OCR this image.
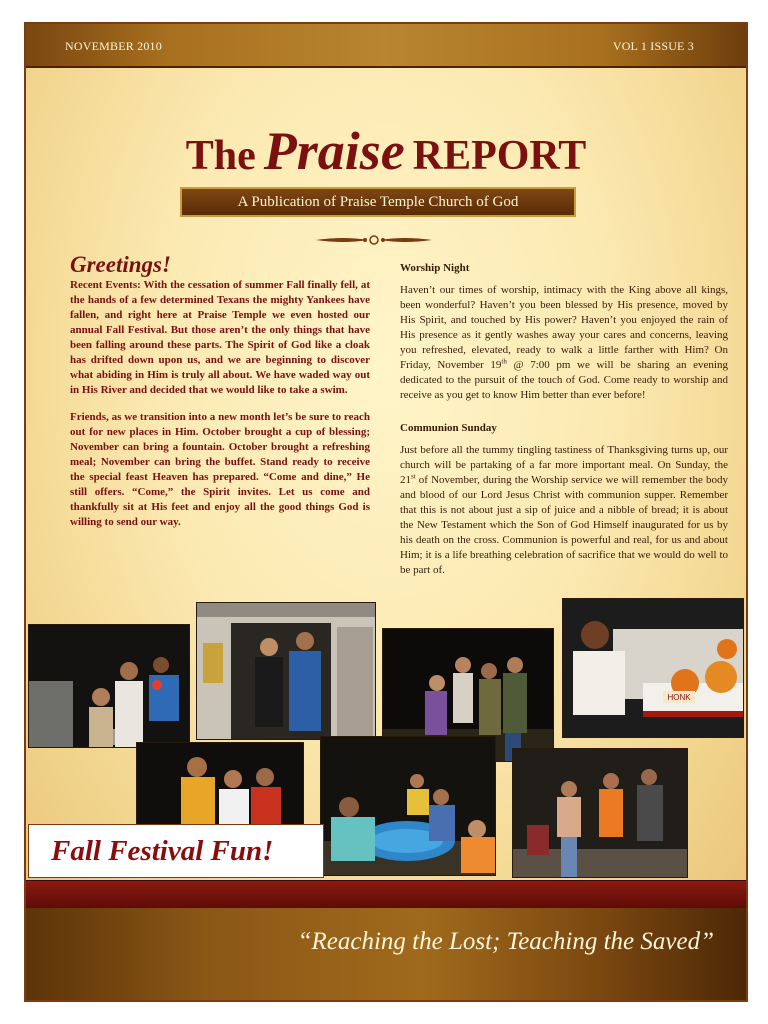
NOVEMBER 2010	VOL 1 ISSUE 3
The Praise REPORT
A Publication of Praise Temple Church of God
Greetings!

Recent Events: With the cessation of summer Fall finally fell, at the hands of a few determined Texans the mighty Yankees have fallen, and right here at Praise Temple we even hosted our annual Fall Festival. But those aren’t the only things that have been falling around these parts. The Spirit of God like a cloak has drifted down upon us, and we are beginning to discover what abiding in Him is truly all about. We have waded way out in His River and decided that we would like to take a swim.

Friends, as we transition into a new month let’s be sure to reach out for new places in Him. October brought a cup of blessing; November can bring a fountain. October brought a refreshing meal; November can bring the buffet. Stand ready to receive the special feast Heaven has prepared. “Come and dine,” He still offers. “Come,” the Spirit invites. Let us come and thankfully sit at His feet and enjoy all the good things God is willing to send our way.

Worship Night

Haven’t our times of worship, intimacy with the King above all kings, been wonderful? Haven’t you been blessed by His presence, moved by His Spirit, and touched by His power? Haven’t you enjoyed the rain of His presence as it gently washes away your cares and concerns, leaving you refreshed, elevated, ready to walk a little farther with Him? On Friday, November 19th @ 7:00 pm we will be sharing an evening dedicated to the pursuit of the touch of God. Come ready to worship and receive as you get to know Him better than ever before!

Communion Sunday

Just before all the tummy tingling tastiness of Thanksgiving turns up, our church will be partaking of a far more important meal. On Sunday, the 21st of November, during the Worship service we will remember the body and blood of our Lord Jesus Christ with communion supper. Remember that this is not about just a sip of juice and a nibble of bread; it is about the New Testament which the Son of God Himself inaugurated for us by his death on the cross. Communion is powerful and real, for us and about Him; it is a life breathing celebration of sacrifice that we would do well to be part of.

HONK
Fall Festival Fun!
“Reaching the Lost; Teaching the Saved”
